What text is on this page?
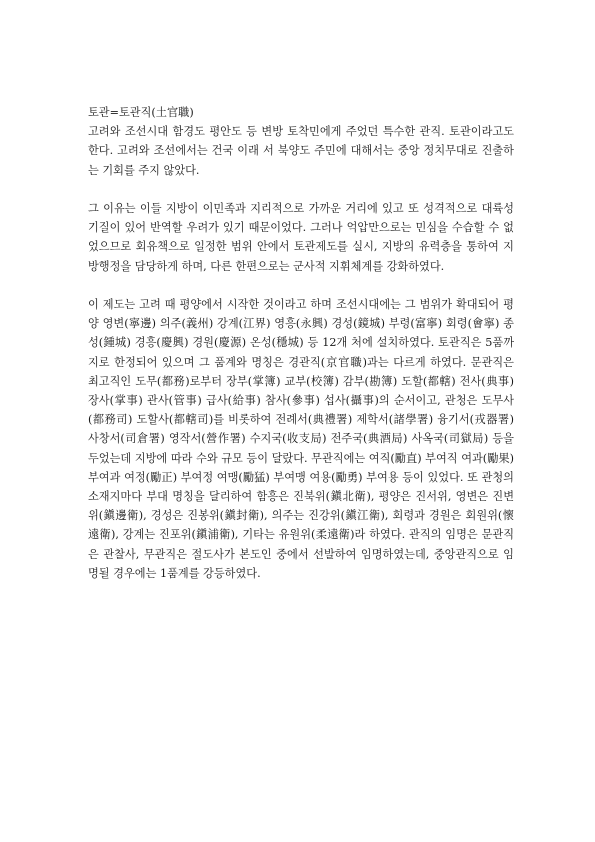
토관=토관직(土官職)

고려와 조선시대 함경도 평안도 등 변방 토착민에게 주었던 특수한 관직. 토관이라고도 한다. 고려와 조선에서는 건국 이래 서 북양도 주민에 대해서는 중앙 정치무대로 진출하는 기회를 주지 않았다.

그 이유는 이들 지방이 이민족과 지리적으로 가까운 거리에 있고 또 성격적으로 대륙성 기질이 있어 반역할 우려가 있기 때문이었다. 그러나 억압만으로는 민심을 수습할 수 없었으므로 회유책으로 일정한 범위 안에서 토관제도를 실시, 지방의 유력층을 통하여 지방행정을 담당하게 하며, 다른 한편으로는 군사적 지휘체계를 강화하였다.

이 제도는 고려 때 평양에서 시작한 것이라고 하며 조선시대에는 그 범위가 확대되어 평양 영변(寧邊) 의주(義州) 강계(江界) 영흥(永興) 경성(鏡城) 부령(富寧) 회령(會寧) 종성(鍾城) 경흥(慶興) 경원(慶源) 온성(穩城) 등 12개 처에 설치하였다. 토관직은 5품까지로 한정되어 있으며 그 품계와 명칭은 경관직(京官職)과는 다르게 하였다. 문관직은 최고직인 도무(都務)로부터 장부(掌簿) 교부(校簿) 감부(勘簿) 도할(都轄) 전사(典事) 장사(掌事) 관사(管事) 급사(給事) 참사(參事) 섭사(攝事)의 순서이고, 관청은 도무사(都務司) 도할사(都轄司)를 비롯하여 전례서(典禮署) 제학서(諸學署) 융기서(戎器署) 사창서(司倉署) 영작서(營作署) 수지국(收支局) 전주국(典酒局) 사옥국(司獄局) 등을 두었는데 지방에 따라 수와 규모 등이 달랐다. 무관직에는 여직(勵直) 부여직 여과(勵果) 부여과 여정(勵正) 부여정 여맹(勵猛) 부여맹 여용(勵勇) 부여용 등이 있었다. 또 관청의 소재지마다 부대 명칭을 달리하여 함흥은 진북위(鎭北衛), 평양은 진서위, 영변은 진변위(鎭邊衛), 경성은 진봉위(鎭封衛), 의주는 진강위(鎭江衛), 회령과 경원은 회원위(懷遠衛), 강계는 진포위(鎭浦衛), 기타는 유원위(柔遠衛)라 하였다. 관직의 임명은 문관직은 관찰사, 무관직은 절도사가 본도인 중에서 선발하여 임명하였는데, 중앙관직으로 임명될 경우에는 1품계를 강등하였다.
